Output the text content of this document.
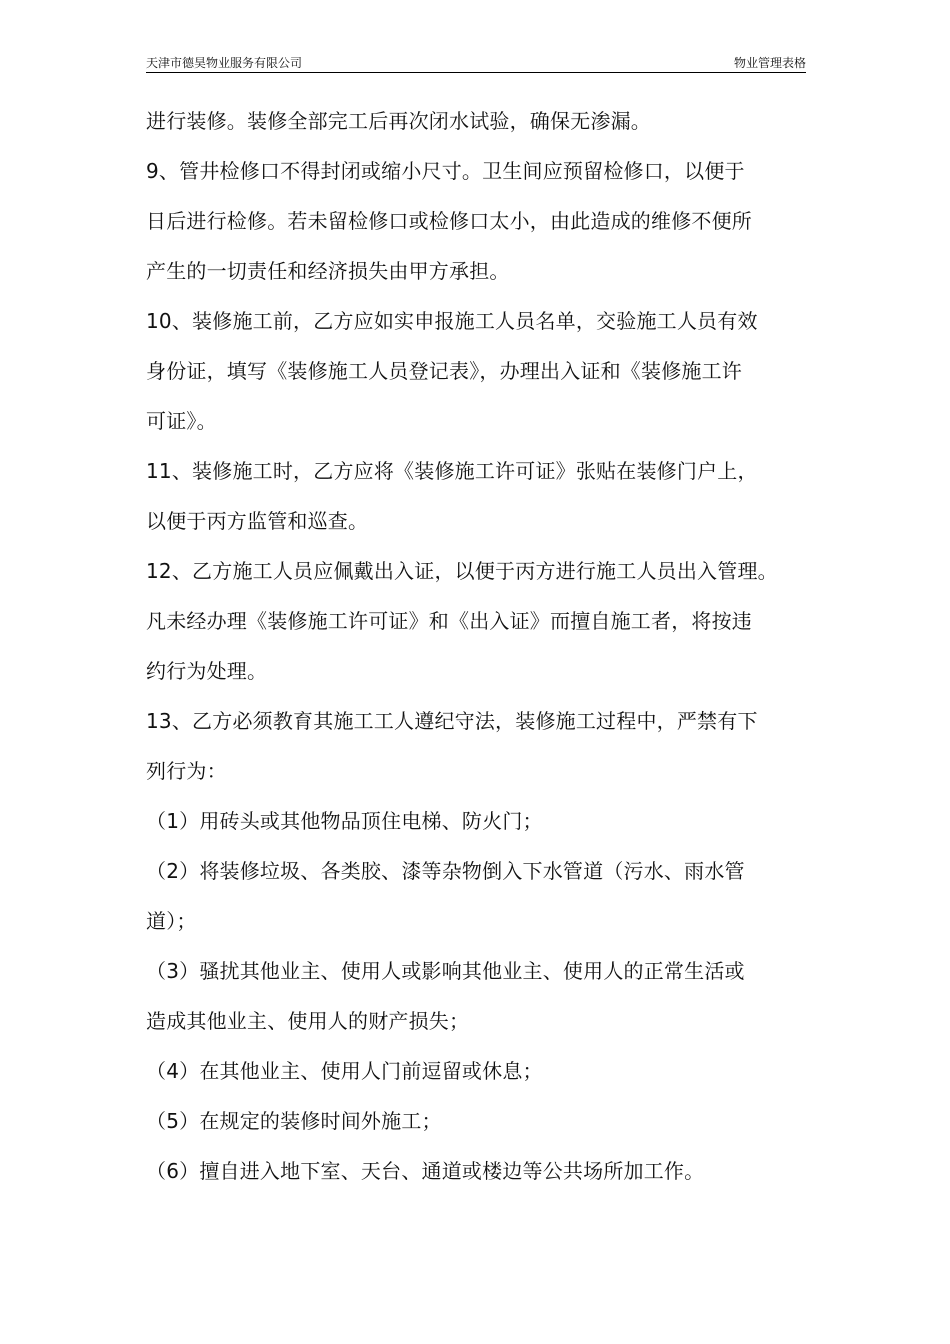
天津市德昊物业服务有限公司	物业管理表格
进行装修。装修全部完工后再次闭水试验，确保无渗漏。
9、管井检修口不得封闭或缩小尺寸。卫生间应预留检修口，以便于
日后进行检修。若未留检修口或检修口太小，由此造成的维修不便所
产生的一切责任和经济损失由甲方承担。
10、装修施工前，乙方应如实申报施工人员名单，交验施工人员有效
身份证，填写《装修施工人员登记表》，办理出入证和《装修施工许
可证》。
11、装修施工时，乙方应将《装修施工许可证》张贴在装修门户上，
以便于丙方监管和巡查。
12、乙方施工人员应佩戴出入证，以便于丙方进行施工人员出入管理。
凡未经办理《装修施工许可证》和《出入证》而擅自施工者，将按违
约行为处理。
13、乙方必须教育其施工工人遵纪守法，装修施工过程中，严禁有下
列行为：
（1）用砖头或其他物品顶住电梯、防火门；
（2）将装修垃圾、各类胶、漆等杂物倒入下水管道（污水、雨水管
道）；
（3）骚扰其他业主、使用人或影响其他业主、使用人的正常生活或
造成其他业主、使用人的财产损失；
（4）在其他业主、使用人门前逗留或休息；
（5）在规定的装修时间外施工；
（6）擅自进入地下室、天台、通道或楼边等公共场所加工作。
